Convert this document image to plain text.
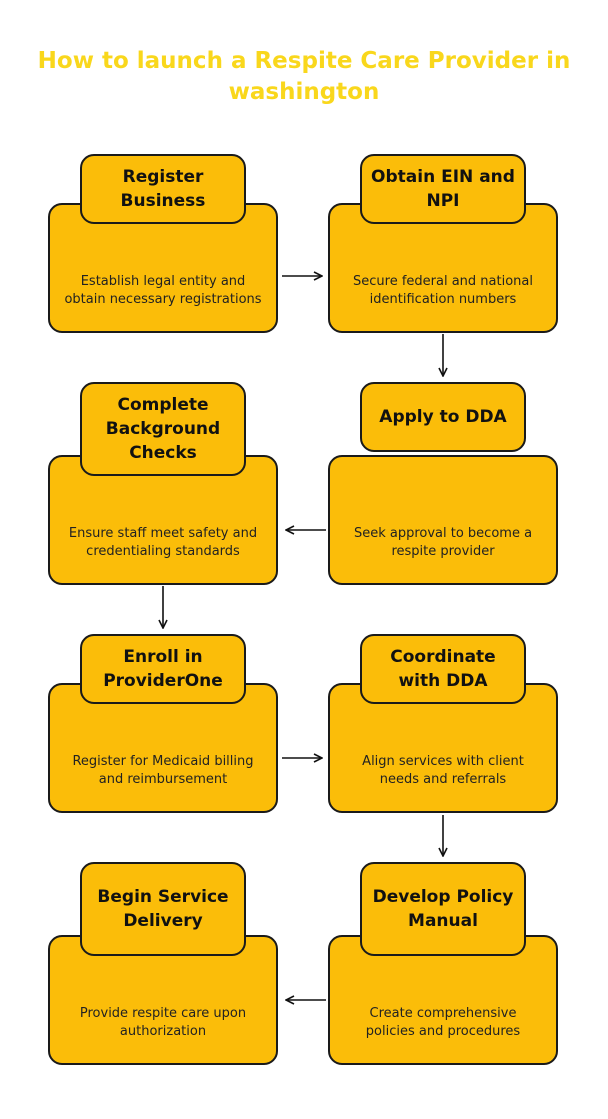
How to launch a Respite Care Provider in washington
Establish legal entity and obtain necessary registrations
Register Business
Secure federal and national identification numbers
Obtain EIN and NPI
Seek approval to become a respite provider
Apply to DDA
Ensure staff meet safety and credentialing standards
Complete Background Checks
Register for Medicaid billing and reimbursement
Enroll in ProviderOne
Align services with client needs and referrals
Coordinate with DDA
Create comprehensive policies and procedures
Develop Policy Manual
Provide respite care upon authorization
Begin Service Delivery
